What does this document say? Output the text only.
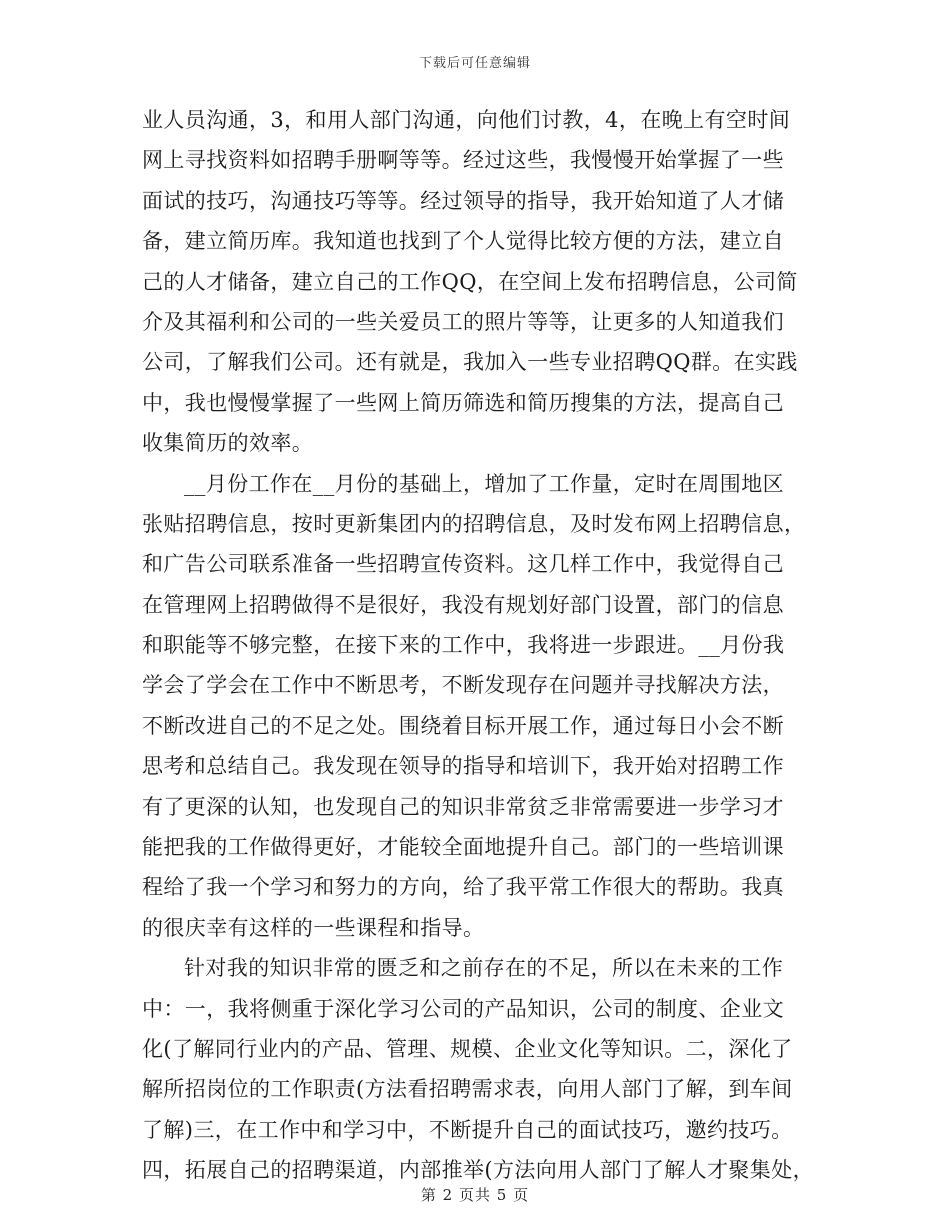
下载后可任意编辑
业人员沟通，3，和用人部门沟通，向他们讨教，4，在晚上有空时间
网上寻找资料如招聘手册啊等等。经过这些，我慢慢开始掌握了一些
面试的技巧，沟通技巧等等。经过领导的指导，我开始知道了人才储
备，建立简历库。我知道也找到了个人觉得比较方便的方法，建立自
己的人才储备，建立自己的工作QQ，在空间上发布招聘信息，公司简
介及其福利和公司的一些关爱员工的照片等等，让更多的人知道我们
公司，了解我们公司。还有就是，我加入一些专业招聘QQ群。在实践
中，我也慢慢掌握了一些网上简历筛选和简历搜集的方法，提高自己
收集简历的效率。
__月份工作在__月份的基础上，增加了工作量，定时在周围地区
张贴招聘信息，按时更新集团内的招聘信息，及时发布网上招聘信息，
和广告公司联系准备一些招聘宣传资料。这几样工作中，我觉得自己
在管理网上招聘做得不是很好，我没有规划好部门设置，部门的信息
和职能等不够完整，在接下来的工作中，我将进一步跟进。__月份我
学会了学会在工作中不断思考，不断发现存在问题并寻找解决方法，
不断改进自己的不足之处。围绕着目标开展工作，通过每日小会不断
思考和总结自己。我发现在领导的指导和培训下，我开始对招聘工作
有了更深的认知，也发现自己的知识非常贫乏非常需要进一步学习才
能把我的工作做得更好，才能较全面地提升自己。部门的一些培训课
程给了我一个学习和努力的方向，给了我平常工作很大的帮助。我真
的很庆幸有这样的一些课程和指导。
针对我的知识非常的匮乏和之前存在的不足，所以在未来的工作
中：一，我将侧重于深化学习公司的产品知识，公司的制度、企业文
化(了解同行业内的产品、管理、规模、企业文化等知识。二，深化了
解所招岗位的工作职责(方法看招聘需求表，向用人部门了解，到车间
了解)三，在工作中和学习中，不断提升自己的面试技巧，邀约技巧。
四，拓展自己的招聘渠道，内部推举(方法向用人部门了解人才聚集处，
第 2 页共 5 页
